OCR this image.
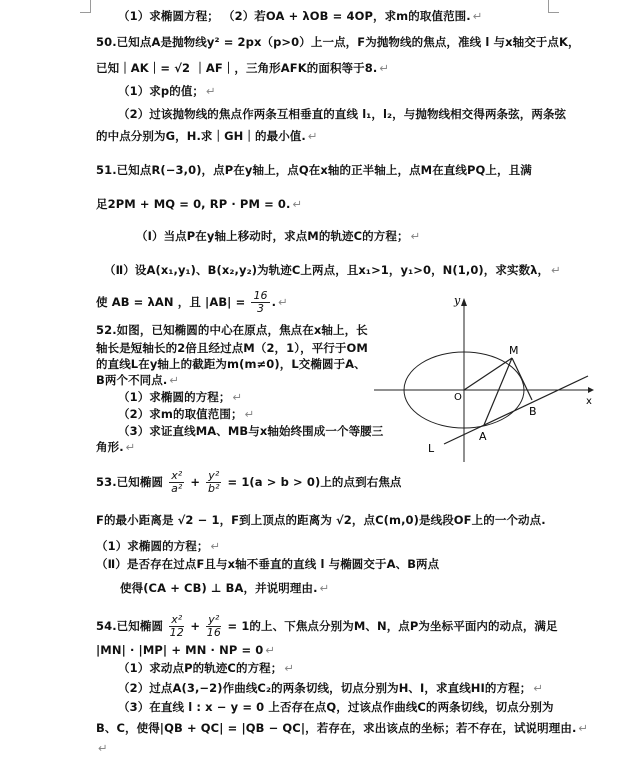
（1）求椭圆方程； （2）若OA + λOB = 4OP，求m的取值范围. ↵
50.已知点A是抛物线y² = 2px（p>0）上一点，F为抛物线的焦点，准线 l 与x轴交于点K，
已知｜AK｜= √2 ｜AF｜，三角形AFK的面积等于8. ↵
（1）求p的值； ↵
（2）过该抛物线的焦点作两条互相垂直的直线 l₁，l₂，与抛物线相交得两条弦，两条弦
的中点分别为G，H.求｜GH｜的最小值. ↵
51.已知点R(−3,0)，点P在y轴上，点Q在x轴的正半轴上，点M在直线PQ上，且满
足2PM + MQ = 0, RP · PM = 0. ↵
（Ⅰ）当点P在y轴上移动时，求点M的轨迹C的方程； ↵
（Ⅱ）设A(x₁,y₁)、B(x₂,y₂)为轨迹C上两点，且x₁>1，y₁>0，N(1,0)，求实数λ， ↵
使 AB = λAN ，且 $|AB| = \frac{16}{3}$ . ↵
52.如图，已知椭圆的中心在原点，焦点在x轴上，长
轴长是短轴长的2倍且经过点M（2，1），平行于OM
的直线L在y轴上的截距为m(m≠0)，L交椭圆于A、
B两个不同点. ↵
（1）求椭圆的方程； ↵
（2）求m的取值范围； ↵
（3）求证直线MA、MB与x轴始终围成一个等腰三
角形. ↵
y
x
O
M
A
B
L
53.已知椭圆 $\frac{\text{x²}}{\text{a²}} + \frac{\text{y²}}{\text{b²}} = 1(a > b > 0)$上的点到右焦点
F的最小距离是 √2 − 1，F到上顶点的距离为 √2，点C(m,0)是线段OF上的一个动点.
（1）求椭圆的方程； ↵
（Ⅱ）是否存在过点F且与x轴不垂直的直线 l 与椭圆交于A、B两点
使得(CA + CB) ⊥ BA，并说明理由. ↵
54.已知椭圆 $\frac{\text{x²}}{12} + \frac{\text{y²}}{16} = 1$的上、下焦点分别为M、N，点P为坐标平面内的动点，满足
|MN| · |MP| + MN · NP = 0 ↵
（1）求动点P的轨迹C的方程； ↵
（2）过点A(3,−2)作曲线C₂的两条切线，切点分别为H、I，求直线HI的方程； ↵
（3）在直线 l : x − y = 0 上否存在点Q，过该点作曲线C的两条切线，切点分别为
B、C，使得|QB + QC| = |QB − QC|，若存在，求出该点的坐标；若不存在，试说明理由. ↵
↵
